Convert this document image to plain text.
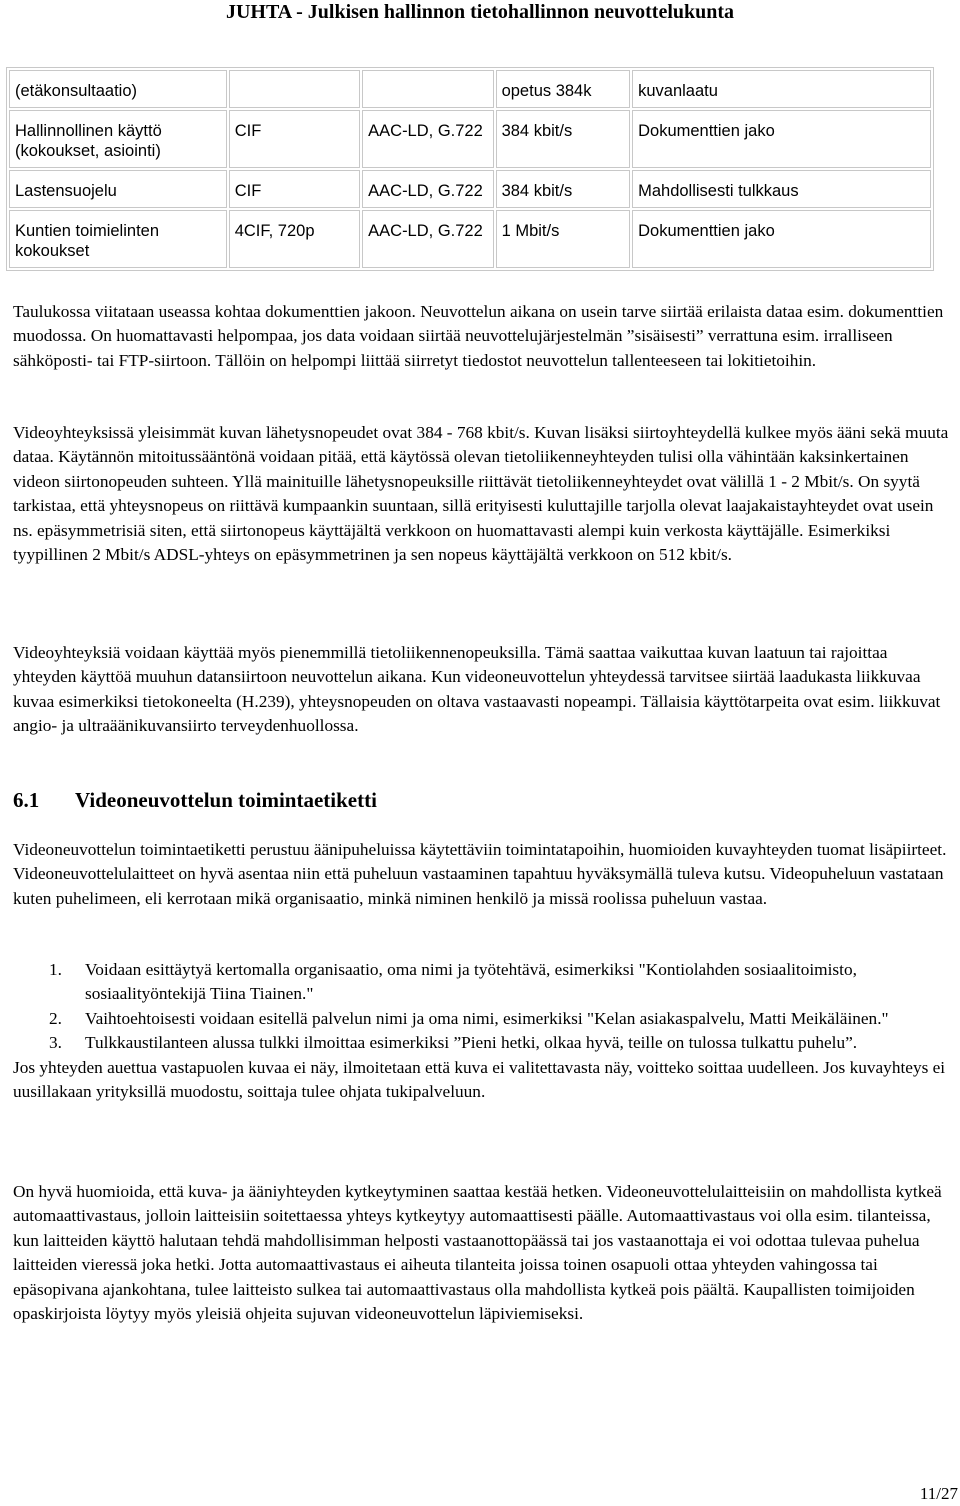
JUHTA - Julkisen hallinnon tietohallinnon neuvottelukunta
(etäkonsultaatio)			opetus 384k	kuvanlaatu
Hallinnollinen käyttö (kokoukset, asiointi)	CIF	AAC-LD, G.722	384 kbit/s	Dokumenttien jako
Lastensuojelu	CIF	AAC-LD, G.722	384 kbit/s	Mahdollisesti tulkkaus
Kuntien toimielinten kokoukset	4CIF, 720p	AAC-LD, G.722	1 Mbit/s	Dokumenttien jako

Taulukossa viitataan useassa kohtaa dokumenttien jakoon. Neuvottelun aikana on usein tarve siirtää erilaista dataa esim. dokumenttien muodossa. On huomattavasti helpompaa, jos data voidaan siirtää neuvottelujärjestelmän ”sisäisesti” verrattuna esim. irralliseen sähköposti- tai FTP-siirtoon. Tällöin on helpompi liittää siirretyt tiedostot neuvottelun tallenteeseen tai lokitietoihin.

Videoyhteyksissä yleisimmät kuvan lähetysnopeudet ovat 384 - 768 kbit/s. Kuvan lisäksi siirtoyhteydellä kulkee myös ääni sekä muuta dataa. Käytännön mitoitussääntönä voidaan pitää, että käytössä olevan tietoliikenneyhteyden tulisi olla vähintään kaksinkertainen videon siirtonopeuden suhteen. Yllä mainituille lähetysnopeuksille riittävät tietoliikenneyhteydet ovat välillä 1 - 2 Mbit/s. On syytä tarkistaa, että yhteysnopeus on riittävä kumpaankin suuntaan, sillä erityisesti kuluttajille tarjolla olevat laajakaistayhteydet ovat usein ns. epäsymmetrisiä siten, että siirtonopeus käyttäjältä verkkoon on huomattavasti alempi kuin verkosta käyttäjälle. Esimerkiksi tyypillinen 2 Mbit/s ADSL-yhteys on epäsymmetrinen ja sen nopeus käyttäjältä verkkoon on 512 kbit/s.

Videoyhteyksiä voidaan käyttää myös pienemmillä tietoliikennenopeuksilla. Tämä saattaa vaikuttaa kuvan laatuun tai rajoittaa yhteyden käyttöä muuhun datansiirtoon neuvottelun aikana. Kun videoneuvottelun yhteydessä tarvitsee siirtää laadukasta liikkuvaa kuvaa esimerkiksi tietokoneelta (H.239), yhteysnopeuden on oltava vastaavasti nopeampi. Tällaisia käyttötarpeita ovat esim. liikkuvat angio- ja ultraäänikuvansiirto terveydenhuollossa.

6.1 Videoneuvottelun toimintaetiketti

Videoneuvottelun toimintaetiketti perustuu äänipuheluissa käytettäviin toimintatapoihin, huomioiden kuvayhteyden tuomat lisäpiirteet. Videoneuvottelulaitteet on hyvä asentaa niin että puheluun vastaaminen tapahtuu hyväksymällä tuleva kutsu. Videopuheluun vastataan kuten puhelimeen, eli kerrotaan mikä organisaatio, minkä niminen henkilö ja missä roolissa puheluun vastaa.

1. Voidaan esittäytyä kertomalla organisaatio, oma nimi ja työtehtävä, esimerkiksi "Kontiolahden sosiaalitoimisto, sosiaalityöntekijä Tiina Tiainen."
2. Vaihtoehtoisesti voidaan esitellä palvelun nimi ja oma nimi, esimerkiksi "Kelan asiakaspalvelu, Matti Meikäläinen."
3. Tulkkaustilanteen alussa tulkki ilmoittaa esimerkiksi ”Pieni hetki, olkaa hyvä, teille on tulossa tulkattu puhelu”.

Jos yhteyden auettua vastapuolen kuvaa ei näy, ilmoitetaan että kuva ei valitettavasta näy, voitteko soittaa uudelleen. Jos kuvayhteys ei uusillakaan yrityksillä muodostu, soittaja tulee ohjata tukipalveluun.

On hyvä huomioida, että kuva- ja ääniyhteyden kytkeytyminen saattaa kestää hetken. Videoneuvottelulaitteisiin on mahdollista kytkeä automaattivastaus, jolloin laitteisiin soitettaessa yhteys kytkeytyy automaattisesti päälle. Automaattivastaus voi olla esim. tilanteissa, kun laitteiden käyttö halutaan tehdä mahdollisimman helposti vastaanottopäässä tai jos vastaanottaja ei voi odottaa tulevaa puhelua laitteiden vieressä joka hetki. Jotta automaattivastaus ei aiheuta tilanteita joissa toinen osapuoli ottaa yhteyden vahingossa tai epäsopivana ajankohtana, tulee laitteisto sulkea tai automaattivastaus olla mahdollista kytkeä pois päältä. Kaupallisten toimijoiden opaskirjoista löytyy myös yleisiä ohjeita sujuvan videoneuvottelun läpiviemiseksi.

11/27
